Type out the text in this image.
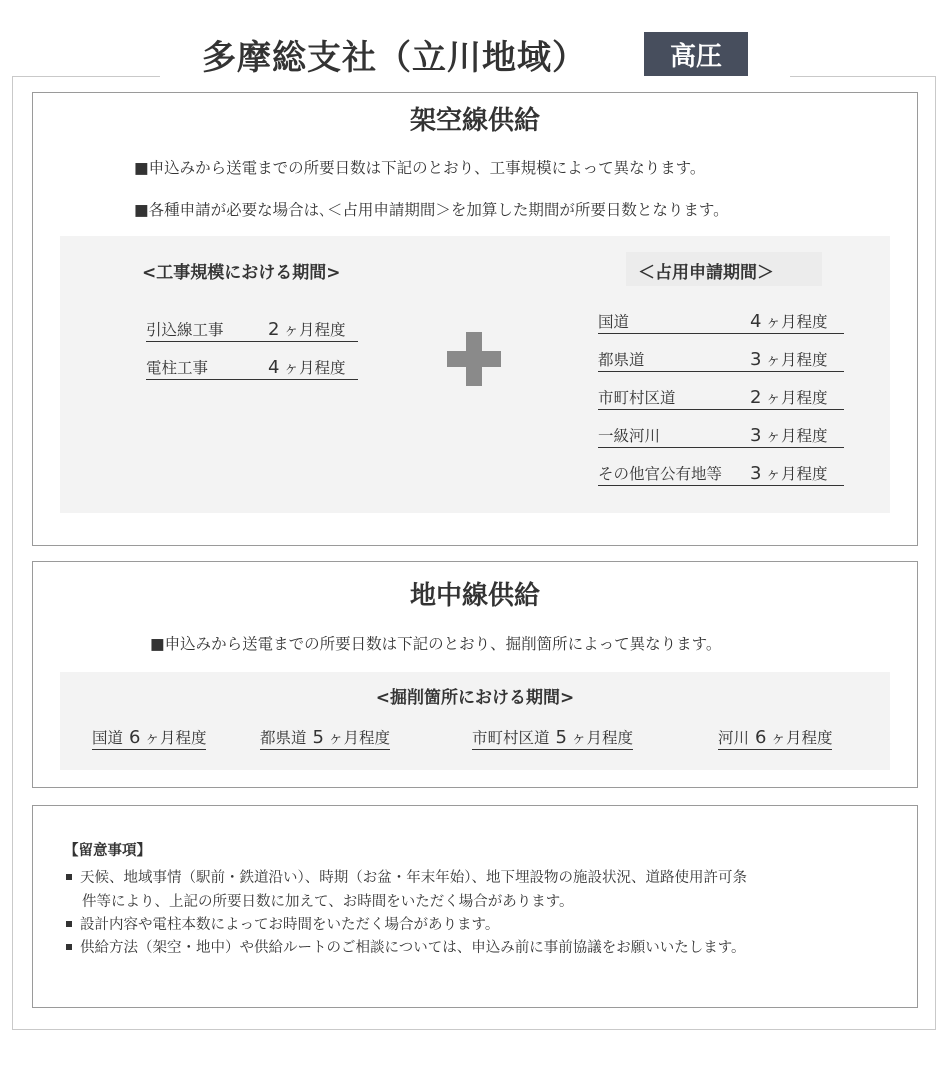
多摩総支社（立川地域）	高圧
架空線供給
■申込みから送電までの所要日数は下記のとおり、工事規模によって異なります。
■各種申請が必要な場合は､＜占用申請期間＞を加算した期間が所要日数となります。
<工事規模における期間>
引込線工事	2 ヶ月程度
電柱工事	4 ヶ月程度
＜占用申請期間＞
国道	4 ヶ月程度
都県道	3 ヶ月程度
市町村区道	2 ヶ月程度
一級河川	3 ヶ月程度
その他官公有地等	3 ヶ月程度
地中線供給
■申込みから送電までの所要日数は下記のとおり、掘削箇所によって異なります。
<掘削箇所における期間>
国道 6 ヶ月程度	都県道 5 ヶ月程度	市町村区道 5 ヶ月程度	河川 6 ヶ月程度
【留意事項】
天候、地域事情（駅前・鉄道沿い）、時期（お盆・年末年始）、地下埋設物の施設状況、道路使用許可条
件等により、上記の所要日数に加えて、お時間をいただく場合があります。
設計内容や電柱本数によってお時間をいただく場合があります。
供給方法（架空・地中）や供給ルートのご相談については、申込み前に事前協議をお願いいたします。
